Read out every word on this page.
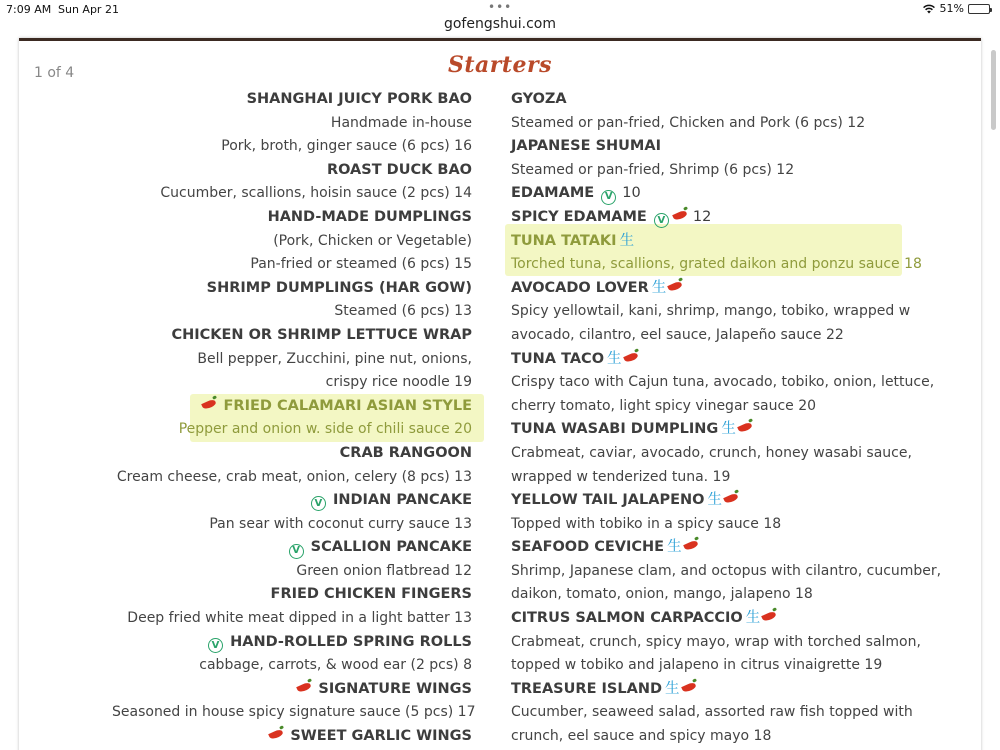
7:09 AM Sun Apr 21	•••	51%
gofengshui.com
1 of 4	Starters
SHANGHAI JUICY PORK BAO
Handmade in-house
Pork, broth, ginger sauce (6 pcs) 16
ROAST DUCK BAO
Cucumber, scallions, hoisin sauce (2 pcs) 14
HAND-MADE DUMPLINGS
(Pork, Chicken or Vegetable)
Pan-fried or steamed (6 pcs) 15
SHRIMP DUMPLINGS (HAR GOW)
Steamed (6 pcs) 13
CHICKEN OR SHRIMP LETTUCE WRAP
Bell pepper, Zucchini, pine nut, onions,
crispy rice noodle 19
FRIED CALAMARI ASIAN STYLE
Pepper and onion w. side of chili sauce 20
CRAB RANGOON
Cream cheese, crab meat, onion, celery (8 pcs) 13
V INDIAN PANCAKE
Pan sear with coconut curry sauce 13
V SCALLION PANCAKE
Green onion flatbread 12
FRIED CHICKEN FINGERS
Deep fried white meat dipped in a light batter 13
V HAND-ROLLED SPRING ROLLS
cabbage, carrots, & wood ear (2 pcs) 8
SIGNATURE WINGS
Seasoned in house spicy signature sauce (5 pcs) 17
SWEET GARLIC WINGS
GYOZA
Steamed or pan-fried, Chicken and Pork (6 pcs) 12
JAPANESE SHUMAI
Steamed or pan-fried, Shrimp (6 pcs) 12
EDAMAME V 10
SPICY EDAMAME V 12
TUNA TATAKI 生
Torched tuna, scallions, grated daikon and ponzu sauce 18
AVOCADO LOVER 生
Spicy yellowtail, kani, shrimp, mango, tobiko, wrapped w
avocado, cilantro, eel sauce, Jalapeño sauce 22
TUNA TACO 生
Crispy taco with Cajun tuna, avocado, tobiko, onion, lettuce,
cherry tomato, light spicy vinegar sauce 20
TUNA WASABI DUMPLING 生
Crabmeat, caviar, avocado, crunch, honey wasabi sauce,
wrapped w tenderized tuna. 19
YELLOW TAIL JALAPENO 生
Topped with tobiko in a spicy sauce 18
SEAFOOD CEVICHE 生
Shrimp, Japanese clam, and octopus with cilantro, cucumber,
daikon, tomato, onion, mango, jalapeno 18
CITRUS SALMON CARPACCIO 生
Crabmeat, crunch, spicy mayo, wrap with torched salmon,
topped w tobiko and jalapeno in citrus vinaigrette 19
TREASURE ISLAND 生
Cucumber, seaweed salad, assorted raw fish topped with
crunch, eel sauce and spicy mayo 18
